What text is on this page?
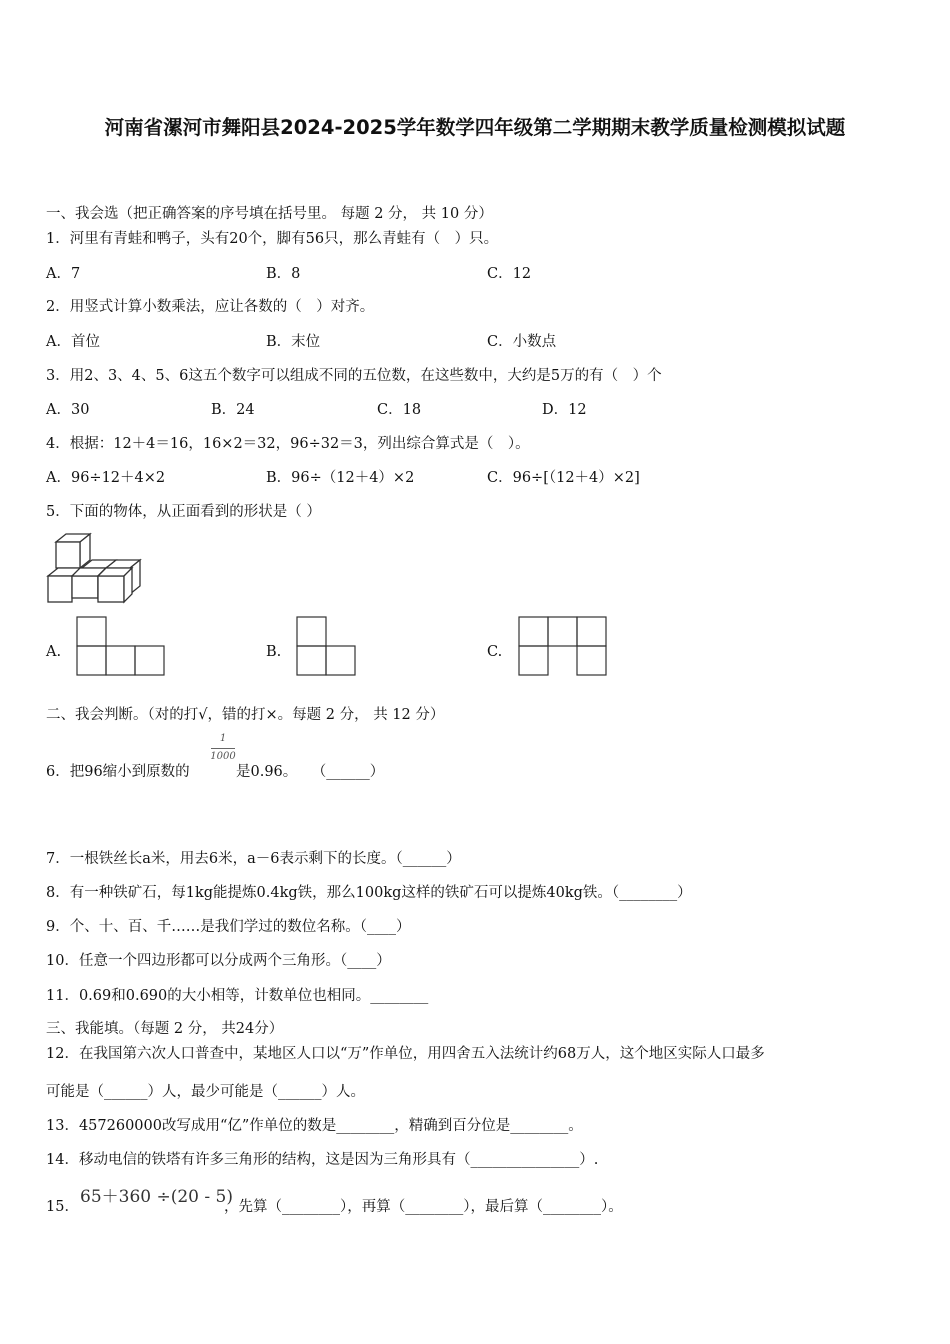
河南省漯河市舞阳县2024-2025学年数学四年级第二学期期末教学质量检测模拟试题
一、我会选（把正确答案的序号填在括号里。 每题 2 分， 共 10 分）
1．河里有青蛙和鸭子，头有20个，脚有56只，那么青蛙有（　）只。
A．7	B．8	C．12
2．用竖式计算小数乘法，应让各数的（　）对齐。
A．首位	B．末位	C．小数点
3．用2、3、4、5、6这五个数字可以组成不同的五位数，在这些数中，大约是5万的有（　）个
A．30	B．24	C．18	D．12
4．根据：12＋4＝16，16×2＝32，96÷32＝3，列出综合算式是（　）。
A．96÷12＋4×2	B．96÷（12＋4）×2	C．96÷[（12＋4）×2]
5．下面的物体，从正面看到的形状是（ ）
A.	B.	C.
二、我会判断。（对的打√，错的打×。每题 2 分， 共 12 分）
6．把96缩小到原数的
1
1000
是0.96。　　（______）
7．一根铁丝长a米，用去6米，a－6表示剩下的长度。（______）
8．有一种铁矿石，每1kg能提炼0.4kg铁，那么100kg这样的铁矿石可以提炼40kg铁。（________）
9．个、十、百、千……是我们学过的数位名称。（____）
10．任意一个四边形都可以分成两个三角形。（____）
11．0.69和0.690的大小相等，计数单位也相同。________
三、我能填。（每题 2 分， 共24分）
12．在我国第六次人口普查中，某地区人口以“万”作单位，用四舍五入法统计约68万人，这个地区实际人口最多
可能是（______）人，最少可能是（______）人。
13．457260000改写成用“亿”作单位的数是________，精确到百分位是________。
14．移动电信的铁塔有许多三角形的结构，这是因为三角形具有（_______________）.
15． 65＋360 ÷(20 - 5)
，先算（________），再算（________），最后算（________）。
